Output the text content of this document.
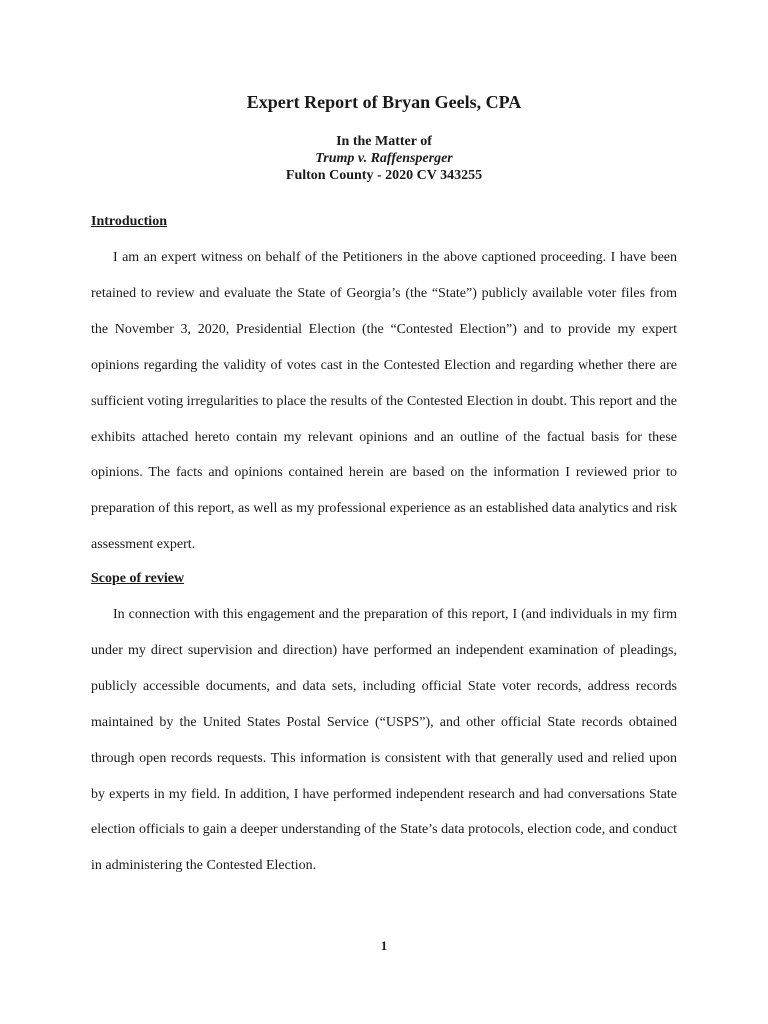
Expert Report of Bryan Geels, CPA
In the Matter of
Trump v. Raffensperger
Fulton County - 2020 CV 343255
Introduction

I am an expert witness on behalf of the Petitioners in the above captioned proceeding. I have been retained to review and evaluate the State of Georgia’s (the “State”) publicly available voter files from the November 3, 2020, Presidential Election (the “Contested Election”) and to provide my expert opinions regarding the validity of votes cast in the Contested Election and regarding whether there are sufficient voting irregularities to place the results of the Contested Election in doubt. This report and the exhibits attached hereto contain my relevant opinions and an outline of the factual basis for these opinions. The facts and opinions contained herein are based on the information I reviewed prior to preparation of this report, as well as my professional experience as an established data analytics and risk assessment expert.

Scope of review

In connection with this engagement and the preparation of this report, I (and individuals in my firm under my direct supervision and direction) have performed an independent examination of pleadings, publicly accessible documents, and data sets, including official State voter records, address records maintained by the United States Postal Service (“USPS”), and other official State records obtained through open records requests. This information is consistent with that generally used and relied upon by experts in my field. In addition, I have performed independent research and had conversations State election officials to gain a deeper understanding of the State’s data protocols, election code, and conduct in administering the Contested Election.

1
